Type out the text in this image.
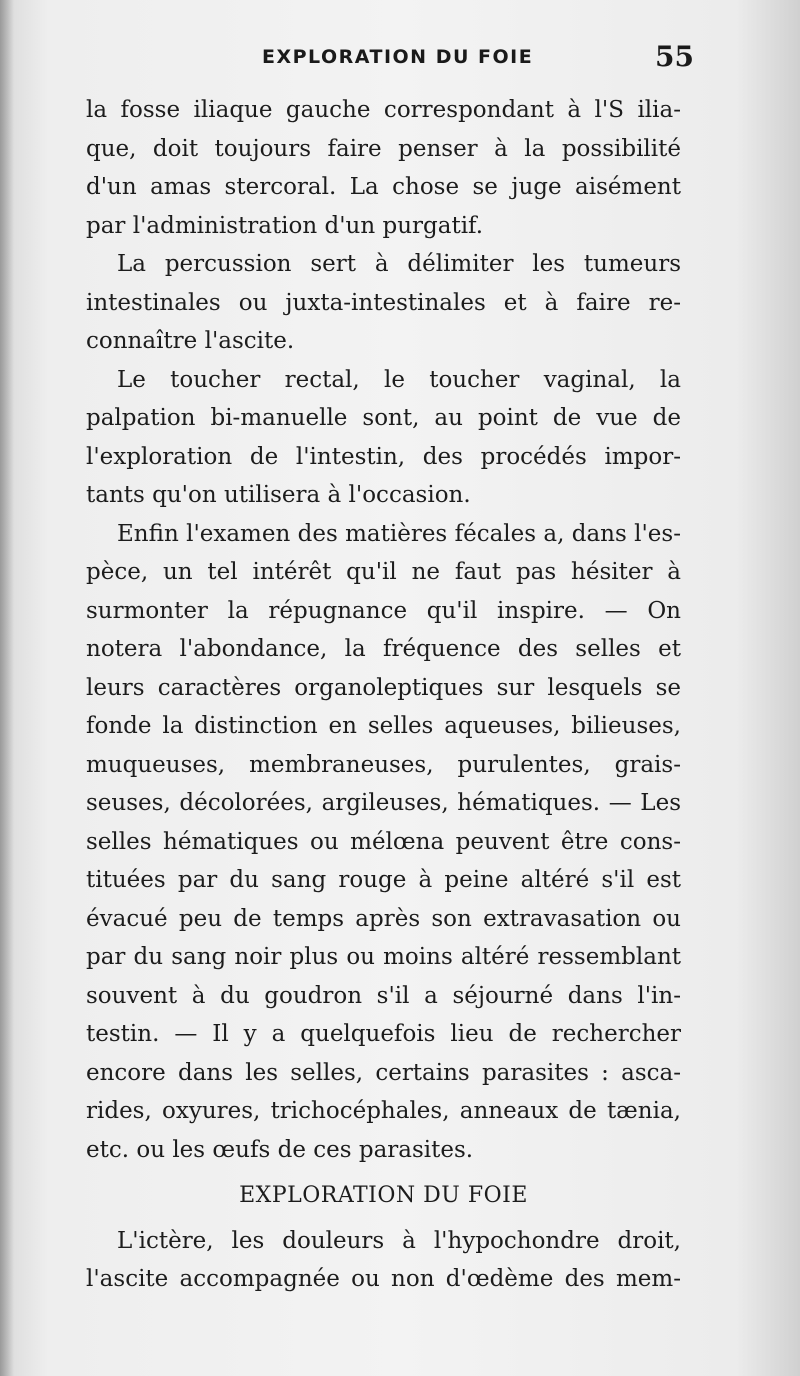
EXPLORATION DU FOIE	55
la fosse iliaque gauche correspondant à l'S ilia-
que, doit toujours faire penser à la possibilité
d'un amas stercoral. La chose se juge aisément
par l'administration d'un purgatif.
La percussion sert à délimiter les tumeurs
intestinales ou juxta-intestinales et à faire re-
connaître l'ascite.
Le toucher rectal, le toucher vaginal, la
palpation bi-manuelle sont, au point de vue de
l'exploration de l'intestin, des procédés impor-
tants qu'on utilisera à l'occasion.
Enfin l'examen des matières fécales a, dans l'es-
pèce, un tel intérêt qu'il ne faut pas hésiter à
surmonter la répugnance qu'il inspire. — On
notera l'abondance, la fréquence des selles et
leurs caractères organoleptiques sur lesquels se
fonde la distinction en selles aqueuses, bilieuses,
muqueuses, membraneuses, purulentes, grais-
seuses, décolorées, argileuses, hématiques. — Les
selles hématiques ou mélœna peuvent être cons-
tituées par du sang rouge à peine altéré s'il est
évacué peu de temps après son extravasation ou
par du sang noir plus ou moins altéré ressemblant
souvent à du goudron s'il a séjourné dans l'in-
testin. — Il y a quelquefois lieu de rechercher
encore dans les selles, certains parasites : asca-
rides, oxyures, trichocéphales, anneaux de tænia,
etc. ou les œufs de ces parasites.
EXPLORATION DU FOIE
L'ictère, les douleurs à l'hypochondre droit,
l'ascite accompagnée ou non d'œdème des mem-
